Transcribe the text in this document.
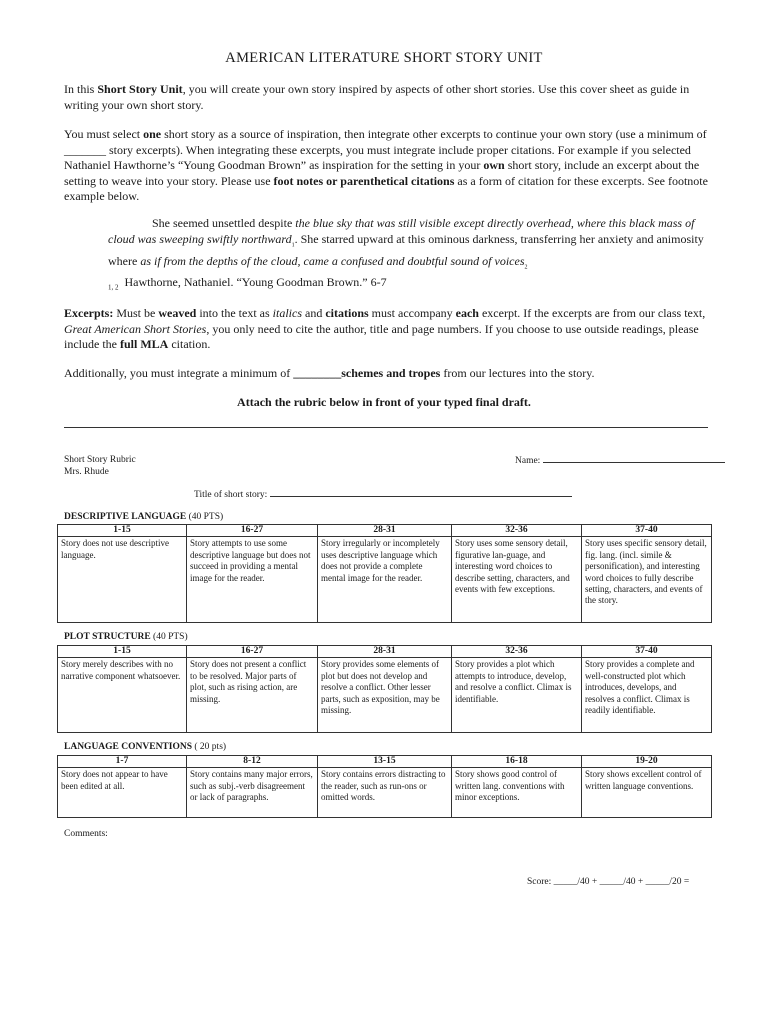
AMERICAN LITERATURE SHORT STORY UNIT

In this Short Story Unit, you will create your own story inspired by aspects of other short stories. Use this cover sheet as guide in writing your own short story.

You must select one short story as a source of inspiration, then integrate other excerpts to continue your own story (use a minimum of _______ story excerpts). When integrating these excerpts, you must integrate include proper citations. For example if you selected Nathaniel Hawthorne’s “Young Goodman Brown” as inspiration for the setting in your own short story, include an excerpt about the setting to weave into your story. Please use foot notes or parenthetical citations as a form of citation for these excerpts. See footnote example below.

She seemed unsettled despite the blue sky that was still visible except directly overhead, where this black mass of cloud was sweeping swiftly northward$_1$. She starred upward at this ominous darkness, transferring her anxiety and animosity where as if from the depths of the cloud, came a confused and doubtful sound of voices$_2$

$_{1, 2}$ Hawthorne, Nathaniel. “Young Goodman Brown.” 6-7

Excerpts: Must be weaved into the text as italics and citations must accompany each excerpt. If the excerpts are from our class text, Great American Short Stories, you only need to cite the author, title and page numbers. If you choose to use outside readings, please include the full MLA citation.

Additionally, you must integrate a minimum of ________schemes and tropes from our lectures into the story.

Attach the rubric below in front of your typed final draft.
Short Story Rubric
Mrs. Rhude
Name:
Title of short story:
DESCRIPTIVE LANGUAGE (40 PTS)
1-15	16-27	28-31	32-36	37-40
Story does not use descriptive language.	Story attempts to use some descriptive language but does not succeed in providing a mental image for the reader.	Story irregularly or incompletely uses descriptive language which does not provide a complete mental image for the reader.	Story uses some sensory detail, figurative lan-guage, and interesting word choices to describe setting, characters, and events with few exceptions.	Story uses specific sensory detail, fig. lang. (incl. simile & personification), and interesting word choices to fully describe setting, characters, and events of the story.
PLOT STRUCTURE (40 PTS)
1-15	16-27	28-31	32-36	37-40
Story merely describes with no narrative component whatsoever.	Story does not present a conflict to be resolved. Major parts of plot, such as rising action, are missing.	Story provides some elements of plot but does not develop and resolve a conflict. Other lesser parts, such as exposition, may be missing.	Story provides a plot which attempts to introduce, develop, and resolve a conflict. Climax is identifiable.	Story provides a complete and well-constructed plot which introduces, develops, and resolves a conflict. Climax is readily identifiable.
LANGUAGE CONVENTIONS ( 20 pts)
1-7	8-12	13-15	16-18	19-20
Story does not appear to have been edited at all.	Story contains many major errors, such as subj.-verb disagreement or lack of paragraphs.	Story contains errors distracting to the reader, such as run-ons or omitted words.	Story shows good control of written lang. conventions with minor exceptions.	Story shows excellent control of written language conventions.
Comments:
Score: _____/40 + _____/40 + _____/20 =
